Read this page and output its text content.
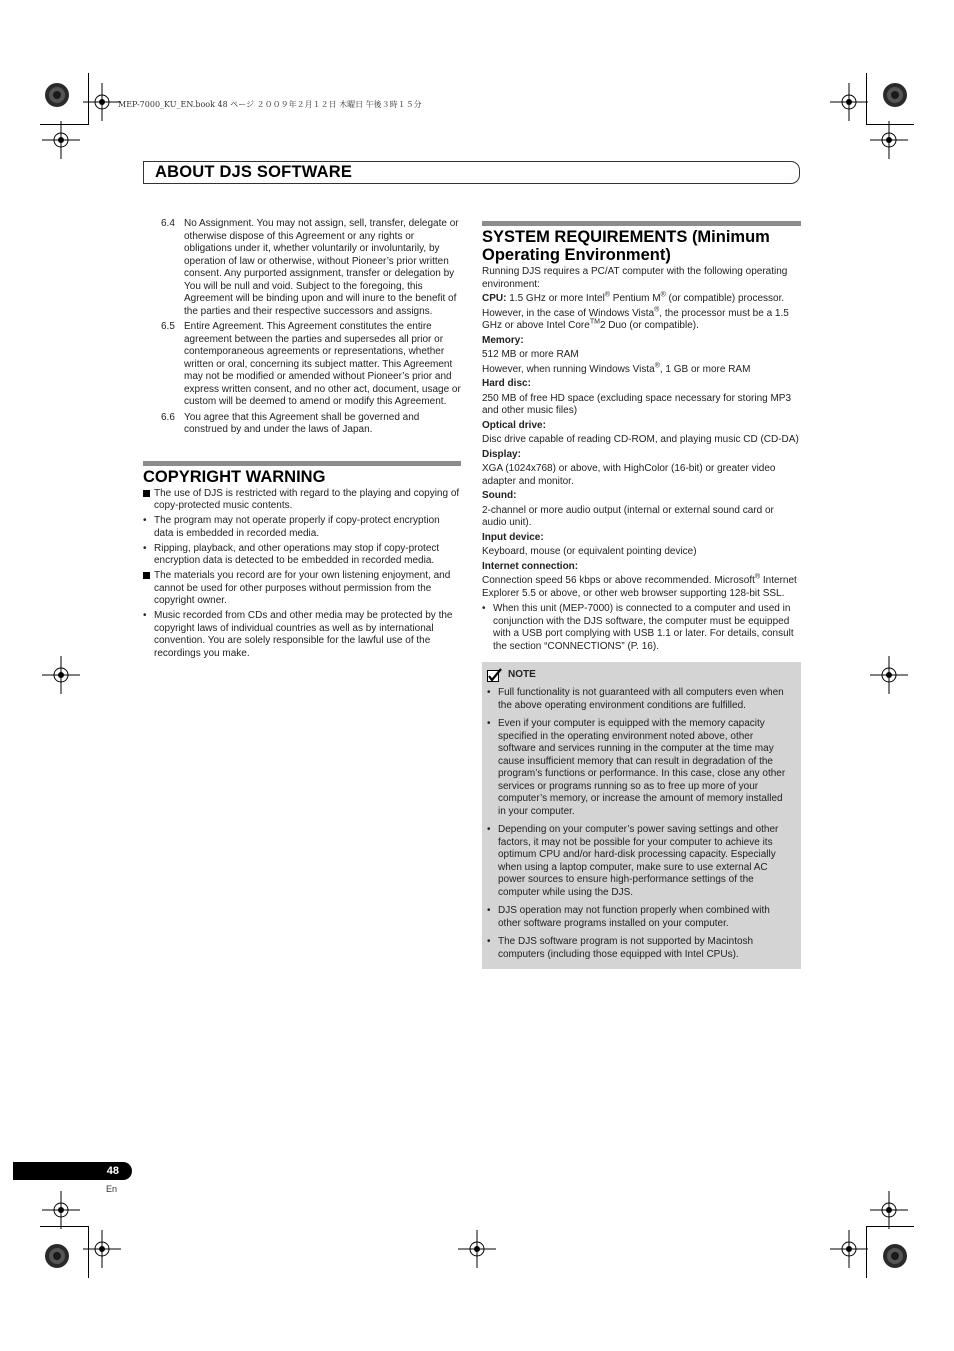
MEP-7000_KU_EN.book 48 ページ ２００９年２月１２日 木曜日 午後３時１５分
ABOUT DJS SOFTWARE
6.4 No Assignment. You may not assign, sell, transfer, delegate or otherwise dispose of this Agreement or any rights or obligations under it, whether voluntarily or involuntarily, by operation of law or otherwise, without Pioneer’s prior written consent. Any purported assignment, transfer or delegation by You will be null and void. Subject to the foregoing, this Agreement will be binding upon and will inure to the benefit of the parties and their respective successors and assigns.
6.5 Entire Agreement. This Agreement constitutes the entire agreement between the parties and supersedes all prior or contemporaneous agreements or representations, whether written or oral, concerning its subject matter. This Agreement may not be modified or amended without Pioneer’s prior and express written consent, and no other act, document, usage or custom will be deemed to amend or modify this Agreement.
6.6 You agree that this Agreement shall be governed and construed by and under the laws of Japan.
COPYRIGHT WARNING
The use of DJS is restricted with regard to the playing and copying of copy-protected music contents.
• The program may not operate properly if copy-protect encryption data is embedded in recorded media.
• Ripping, playback, and other operations may stop if copy-protect encryption data is detected to be embedded in recorded media.
The materials you record are for your own listening enjoyment, and cannot be used for other purposes without permission from the copyright owner.
• Music recorded from CDs and other media may be protected by the copyright laws of individual countries as well as by international convention. You are solely responsible for the lawful use of the recordings you make.
SYSTEM REQUIREMENTS (Minimum Operating Environment)

Running DJS requires a PC/AT computer with the following operating environment:

CPU: 1.5 GHz or more Intel® Pentium M® (or compatible) processor.

However, in the case of Windows Vista®, the processor must be a 1.5 GHz or above Intel Core™2 Duo (or compatible).

Memory:

512 MB or more RAM

However, when running Windows Vista®, 1 GB or more RAM

Hard disc:

250 MB of free HD space (excluding space necessary for storing MP3 and other music files)

Optical drive:

Disc drive capable of reading CD-ROM, and playing music CD (CD-DA)

Display:

XGA (1024x768) or above, with HighColor (16-bit) or greater video adapter and monitor.

Sound:

2-channel or more audio output (internal or external sound card or audio unit).

Input device:

Keyboard, mouse (or equivalent pointing device)

Internet connection:

Connection speed 56 kbps or above recommended. Microsoft® Internet Explorer 5.5 or above, or other web browser supporting 128-bit SSL.

• When this unit (MEP-7000) is connected to a computer and used in conjunction with the DJS software, the computer must be equipped with a USB port complying with USB 1.1 or later. For details, consult the section “CONNECTIONS” (P. 16).
NOTE
• Full functionality is not guaranteed with all computers even when the above operating environment conditions are fulfilled.
• Even if your computer is equipped with the memory capacity specified in the operating environment noted above, other software and services running in the computer at the time may cause insufficient memory that can result in degradation of the program’s functions or performance. In this case, close any other services or programs running so as to free up more of your computer’s memory, or increase the amount of memory installed in your computer.
• Depending on your computer’s power saving settings and other factors, it may not be possible for your computer to achieve its optimum CPU and/or hard-disk processing capacity. Especially when using a laptop computer, make sure to use external AC power sources to ensure high-performance settings of the computer while using the DJS.
• DJS operation may not function properly when combined with other software programs installed on your computer.
• The DJS software program is not supported by Macintosh computers (including those equipped with Intel CPUs).
48
En
